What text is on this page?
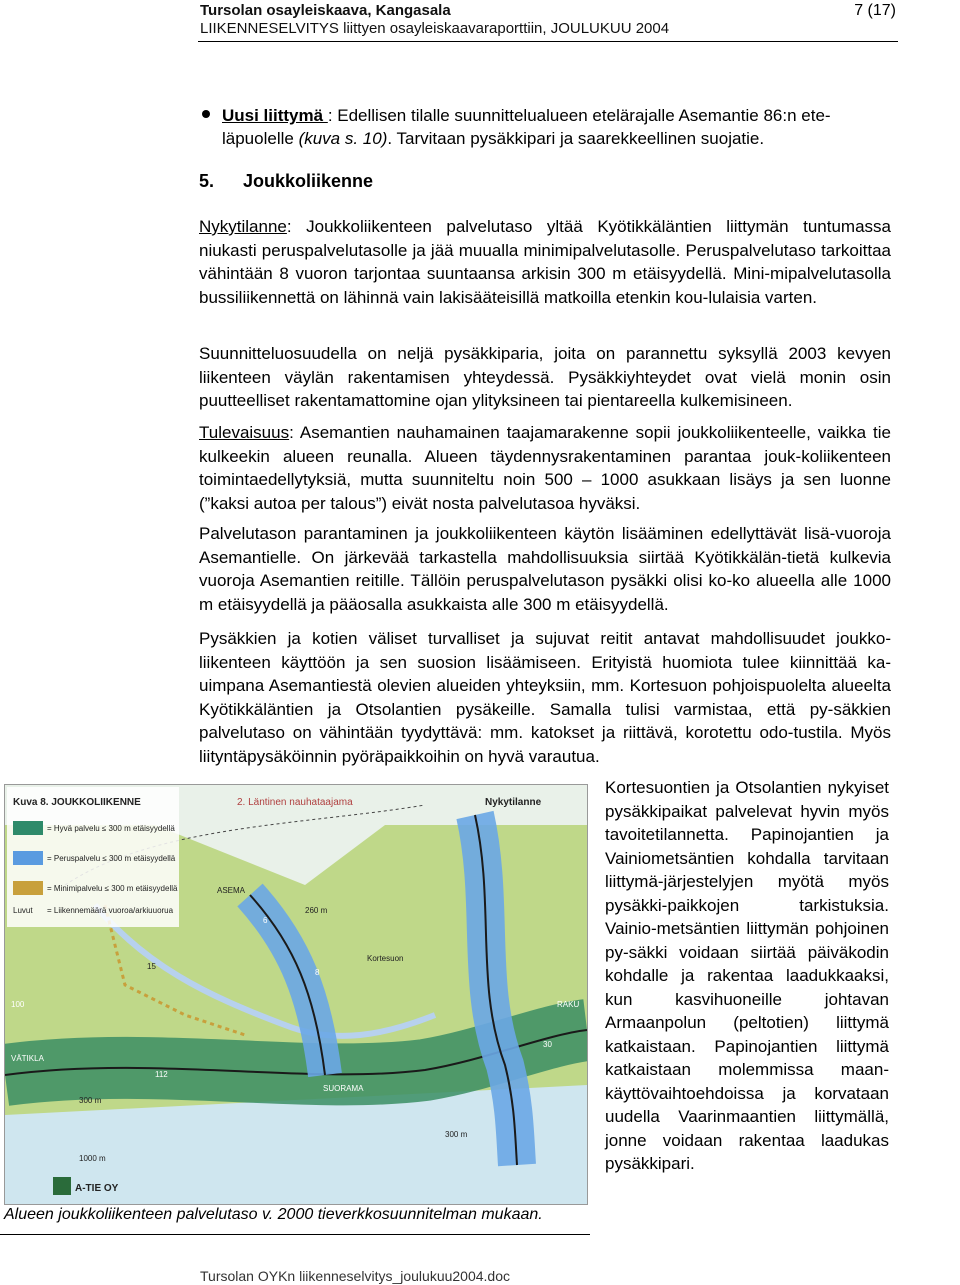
Tursolan osayleiskaava, Kangasala
LIIKENNESELVITYS liittyen osayleiskaavaraporttiin, JOULUKUU 2004
7 (17)

Uusi liittymä : Edellisen tilalle suunnittelualueen etelärajalle Asemantie 86:n ete-läpuolelle (kuva s. 10). Tarvitaan pysäkkipari ja saarekkeellinen suojatie.

5. Joukkoliikenne

Nykytilanne: Joukkoliikenteen palvelutaso yltää Kyötikkäläntien liittymän tuntumassa niukasti peruspalvelutasolle ja jää muualla minimipalvelutasolle. Peruspalvelutaso tarkoittaa vähintään 8 vuoron tarjontaa suuntaansa arkisin 300 m etäisyydellä. Mini-mipalvelutasolla bussiliikennettä on lähinnä vain lakisääteisillä matkoilla etenkin kou-lulaisia varten.

Suunnitteluosuudella on neljä pysäkkiparia, joita on parannettu syksyllä 2003 kevyen liikenteen väylän rakentamisen yhteydessä. Pysäkkiyhteydet ovat vielä monin osin puutteelliset rakentamattomine ojan ylityksineen tai pientareella kulkemisineen.

Tulevaisuus: Asemantien nauhamainen taajamarakenne sopii joukkoliikenteelle, vaikka tie kulkeekin alueen reunalla. Alueen täydennysrakentaminen parantaa jouk-koliikenteen toimintaedellytyksiä, mutta suunniteltu noin 500 – 1000 asukkaan lisäys ja sen luonne (”kaksi autoa per talous”) eivät nosta palvelutasoa hyväksi.

Palvelutason parantaminen ja joukkoliikenteen käytön lisääminen edellyttävät lisä-vuoroja Asemantielle. On järkevää tarkastella mahdollisuuksia siirtää Kyötikkälän-tietä kulkevia vuoroja Asemantien reitille. Tällöin peruspalvelutason pysäkki olisi ko-ko alueella alle 1000 m etäisyydellä ja pääosalla asukkaista alle 300 m etäisyydellä.

Pysäkkien ja kotien väliset turvalliset ja sujuvat reitit antavat mahdollisuudet joukko-liikenteen käyttöön ja sen suosion lisäämiseen. Erityistä huomiota tulee kiinnittää ka-uimpana Asemantiestä olevien alueiden yhteyksiin, mm. Kortesuon pohjoispuolelta alueelta Kyötikkäläntien ja Otsolantien pysäkeille. Samalla tulisi varmistaa, että py-säkkien palvelutaso on vähintään tyydyttävä: mm. katokset ja riittävä, korotettu odo-tustila. Myös liityntäpysäköinnin pyöräpaikkoihin on hyvä varautua.

Kortesuontien ja Otsolantien nykyiset pysäkkipaikat palvelevat hyvin myös tavoitetilannetta. Papinojantien ja Vainiometsäntien kohdalla tarvitaan liittymä-järjestelyjen myötä myös pysäkki-paikkojen tarkistuksia. Vainio-metsäntien liittymän pohjoinen py-säkki voidaan siirtää päiväkodin kohdalle ja rakentaa laadukkaaksi, kun kasvihuoneille johtavan Armaanpolun (peltotien) liittymä katkaistaan. Papinojantien liittymä katkaistaan molemmissa maan-käyttövaihtoehdoissa ja korvataan uudella Vaarinmaantien liittymällä, jonne voidaan rakentaa laadukas pysäkkipari.

Kuva 8. JOUKKOLIIKENNE	2. Läntinen nauhataajama	Nykytilanne
= Hyvä palvelu ≤ 300 m etäisyydellä
= Peruspalvelu ≤ 300 m etäisyydellä
= Minimipalvelu ≤ 300 m etäisyydellä
Luvut = Liikennemäärä vuoroa/arkiuuorua
ASEMA
Kortesuon
RAKU
SUORAMA
VÄTIKLA
100
112
6
8
15
30
300 m
1000 m
300 m
260 m
A-TIE OY
Alueen joukkoliikenteen palvelutaso v. 2000 tieverkkosuunnitelman mukaan.
Tursolan OYKn liikenneselvitys_joulukuu2004.doc
